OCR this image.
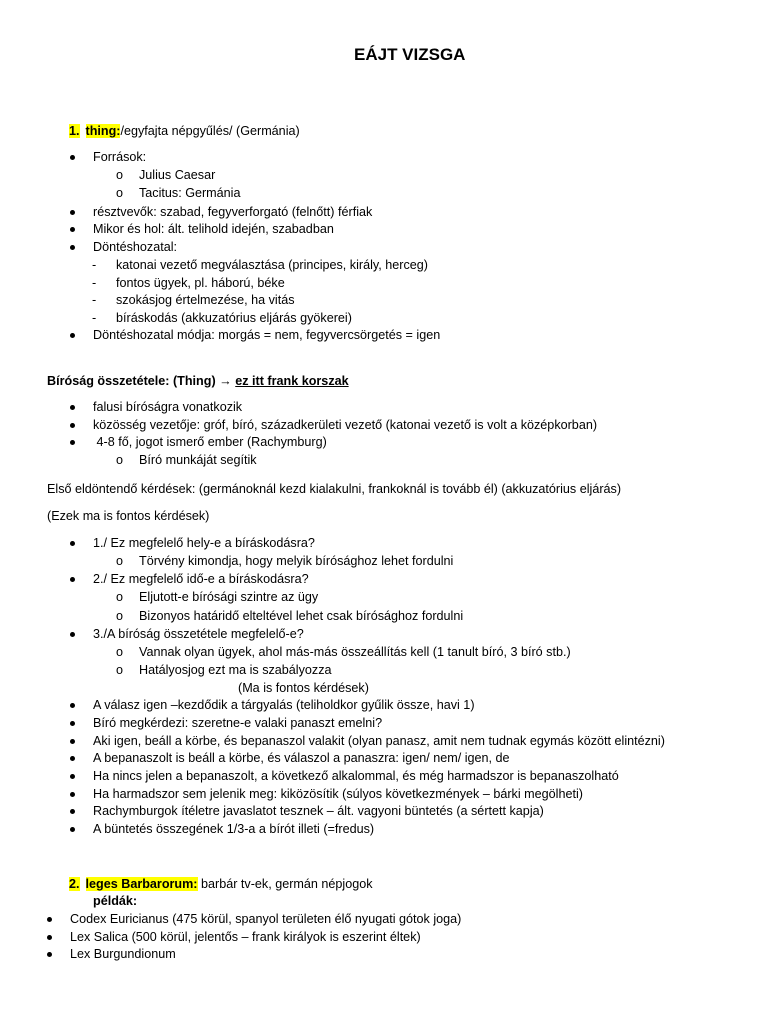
EÁJT VIZSGA
1. thing:/egyfajta népgyűlés/ (Germánia)
Források:
o Julius Caesar
o Tacitus: Germánia
résztvevők: szabad, fegyverforgató (felnőtt) férfiak
Mikor és hol: ált. telihold idején, szabadban
Döntéshozatal:
- katonai vezető megválasztása (principes, király, herceg)
- fontos ügyek, pl. háború, béke
- szokásjog értelmezése, ha vitás
- bíráskodás (akkuzatórius eljárás gyökerei)
Döntéshozatal módja: morgás = nem, fegyvercsörgetés = igen
Bíróság összetétele: (Thing) → ez itt frank korszak
falusi bíróságra vonatkozik
közösség vezetője: gróf, bíró, századkerületi vezető (katonai vezető is volt a középkorban)
4-8 fő, jogot ismerő ember (Rachymburg)
o Bíró munkáját segítik
Első eldöntendő kérdések: (germánoknál kezd kialakulni, frankoknál is tovább él) (akkuzatórius eljárás)
(Ezek ma is fontos kérdések)
1./ Ez megfelelő hely-e a bíráskodásra?
o Törvény kimondja, hogy melyik bírósághoz lehet fordulni
2./ Ez megfelelő idő-e a bíráskodásra?
o Eljutott-e bírósági szintre az ügy
o Bizonyos határidő elteltével lehet csak bírósághoz fordulni
3./A bíróság összetétele megfelelő-e?
o Vannak olyan ügyek, ahol más-más összeállítás kell (1 tanult bíró, 3 bíró stb.)
o Hatályosjog ezt ma is szabályozza
(Ma is fontos kérdések)
A válasz igen –kezdődik a tárgyalás (teliholdkor gyűlik össze, havi 1)
Bíró megkérdezi: szeretne-e valaki panaszt emelni?
Aki igen, beáll a körbe, és bepanaszol valakit (olyan panasz, amit nem tudnak egymás között elintézni)
A bepanaszolt is beáll a körbe, és válaszol a panaszra: igen/ nem/ igen, de
Ha nincs jelen a bepanaszolt, a következő alkalommal, és még harmadszor is bepanaszolható
Ha harmadszor sem jelenik meg: kiközösítik (súlyos következmények – bárki megölheti)
Rachymburgok ítéletre javaslatot tesznek – ált. vagyoni büntetés (a sértett kapja)
A büntetés összegének 1/3-a a bírót illeti (=fredus)
2. leges Barbarorum: barbár tv-ek, germán népjogok
példák:
Codex Euricianus (475 körül, spanyol területen élő nyugati gótok joga)
Lex Salica (500 körül, jelentős – frank királyok is eszerint éltek)
Lex Burgundionum
